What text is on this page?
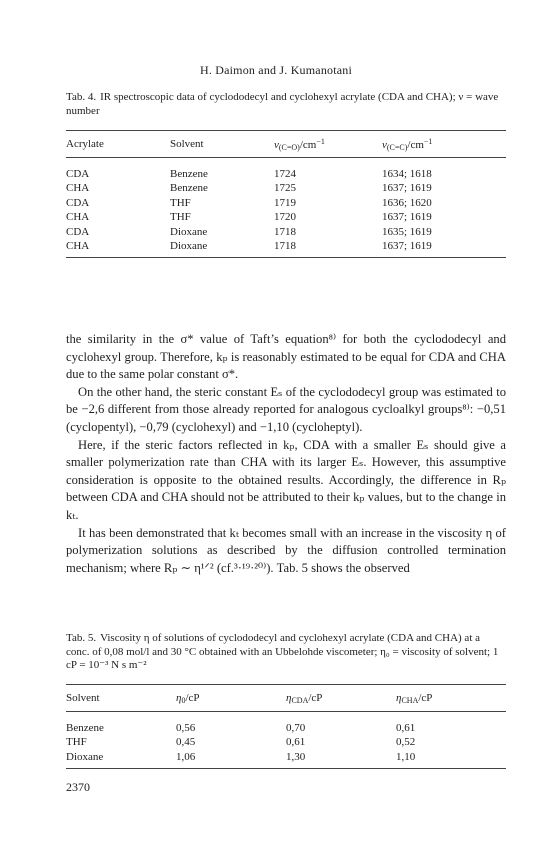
H. Daimon and J. Kumanotani
Tab. 4. IR spectroscopic data of cyclododecyl and cyclohexyl acrylate (CDA and CHA); ν = wave number
Acrylate	Solvent	$\nu_{(C=O)}/cm^{-1}$	$\nu_{(C=C)}/cm^{-1}$
CDA	Benzene	1724	1634; 1618
CHA	Benzene	1725	1637; 1619
CDA	THF	1719	1636; 1620
CHA	THF	1720	1637; 1619
CDA	Dioxane	1718	1635; 1619
CHA	Dioxane	1718	1637; 1619

the similarity in the σ* value of Taft’s equation⁸⁾ for both the cyclododecyl and cyclohexyl group. Therefore, kₚ is reasonably estimated to be equal for CDA and CHA due to the same polar constant σ*.

On the other hand, the steric constant Eₛ of the cyclododecyl group was estimated to be −2,6 different from those already reported for analogous cycloalkyl groups⁸⁾: −0,51 (cyclopentyl), −0,79 (cyclohexyl) and −1,10 (cycloheptyl).

Here, if the steric factors reflected in kₚ, CDA with a smaller Eₛ should give a smaller polymerization rate than CHA with its larger Eₛ. However, this assumptive consideration is opposite to the obtained results. Accordingly, the difference in Rₚ between CDA and CHA should not be attributed to their kₚ values, but to the change in kₜ.

It has been demonstrated that kₜ becomes small with an increase in the viscosity η of polymerization solutions as described by the diffusion controlled termination mechanism; where Rₚ ∼ η¹ᐟ² (cf.³·¹⁹·²⁰⁾). Tab. 5 shows the observed

Tab. 5. Viscosity η of solutions of cyclododecyl and cyclohexyl acrylate (CDA and CHA) at a conc. of 0,08 mol/l and 30 °C obtained with an Ubbelohde viscometer; η₀ = viscosity of solvent; 1 cP = 10⁻³ N s m⁻²
Solvent	$\eta_0/cP$	$\eta_{CDA}/cP$	$\eta_{CHA}/cP$
Benzene	0,56	0,70	0,61
THF	0,45	0,61	0,52
Dioxane	1,06	1,30	1,10
2370
